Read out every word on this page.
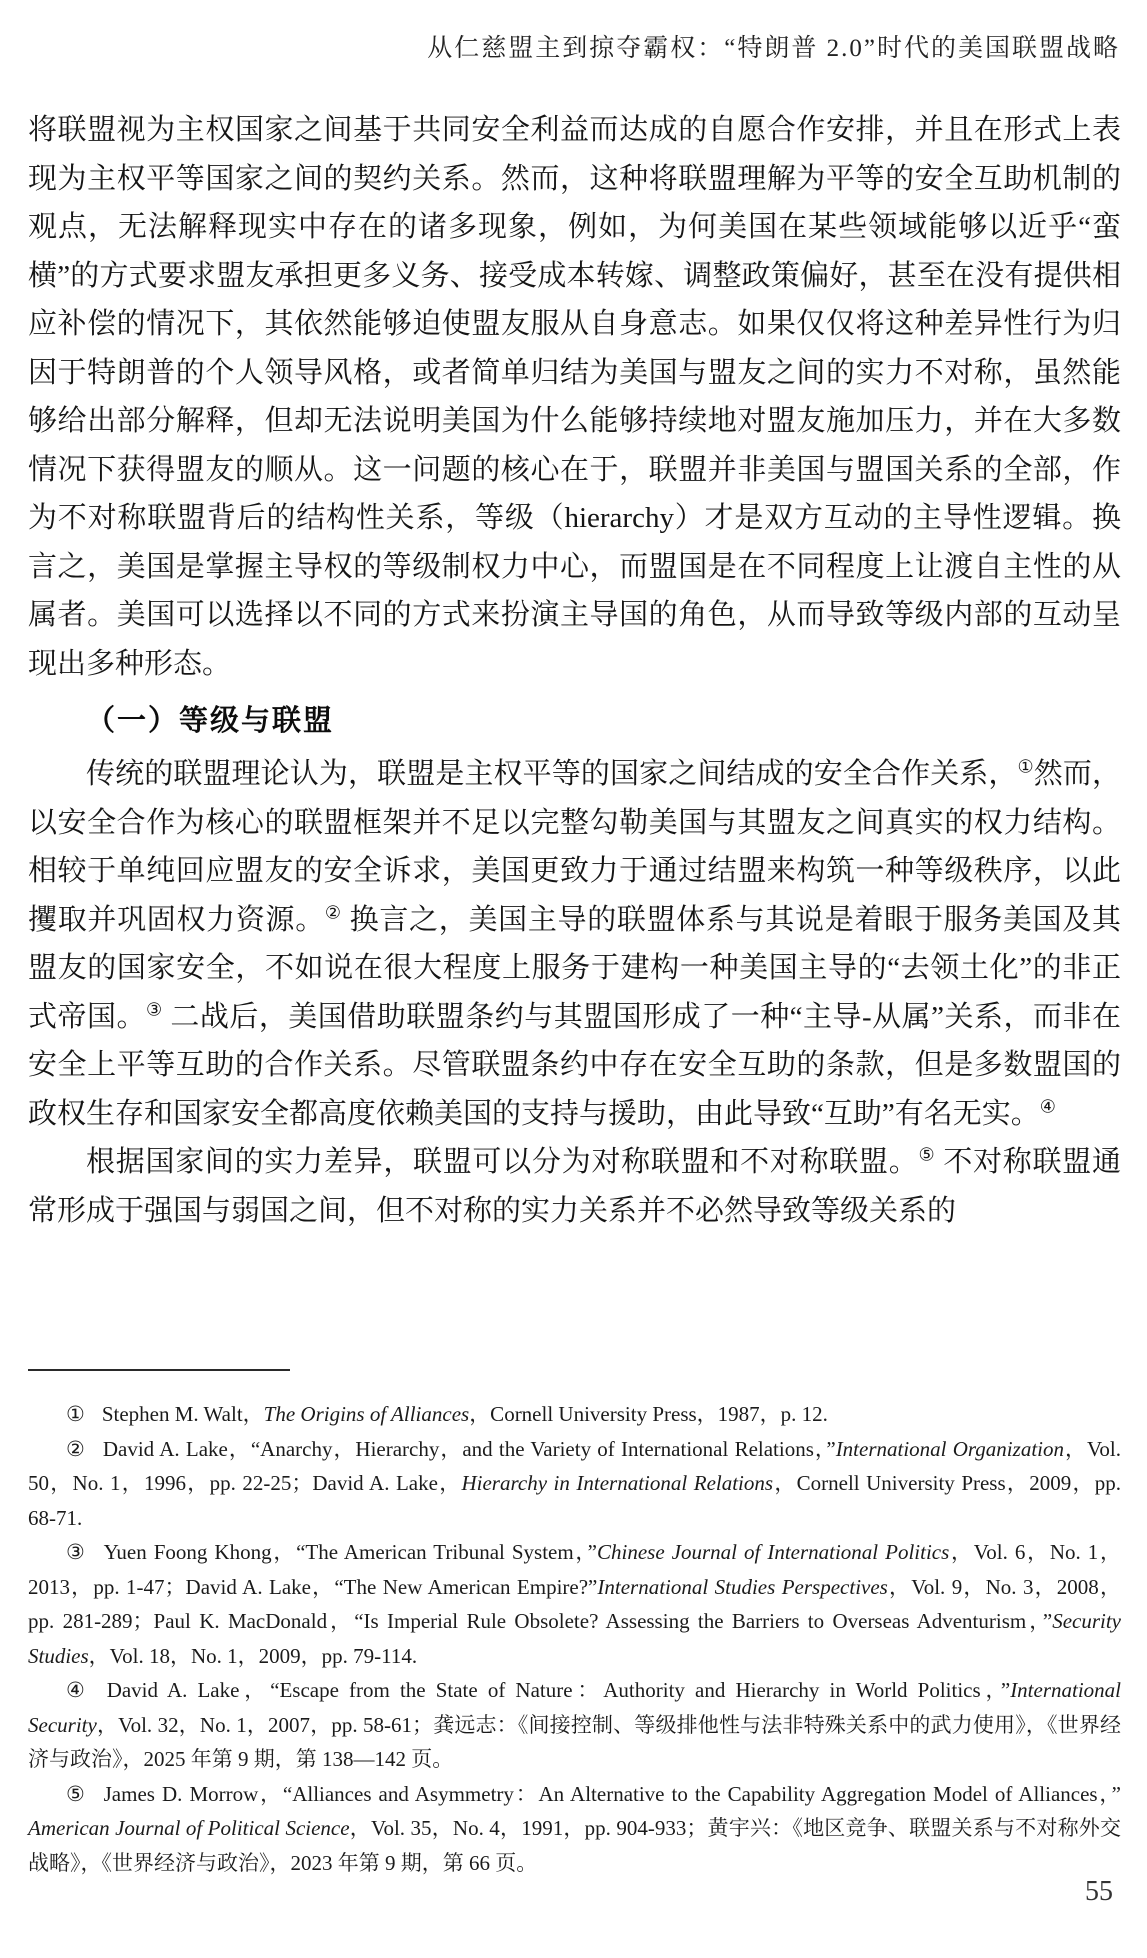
从仁慈盟主到掠夺霸权：“特朗普 2.0”时代的美国联盟战略

将联盟视为主权国家之间基于共同安全利益而达成的自愿合作安排，并且在形式上表现为主权平等国家之间的契约关系。然而，这种将联盟理解为平等的安全互助机制的观点，无法解释现实中存在的诸多现象，例如，为何美国在某些领域能够以近乎“蛮横”的方式要求盟友承担更多义务、接受成本转嫁、调整政策偏好，甚至在没有提供相应补偿的情况下，其依然能够迫使盟友服从自身意志。如果仅仅将这种差异性行为归因于特朗普的个人领导风格，或者简单归结为美国与盟友之间的实力不对称，虽然能够给出部分解释，但却无法说明美国为什么能够持续地对盟友施加压力，并在大多数情况下获得盟友的顺从。这一问题的核心在于，联盟并非美国与盟国关系的全部，作为不对称联盟背后的结构性关系，等级（hierarchy）才是双方互动的主导性逻辑。换言之，美国是掌握主导权的等级制权力中心，而盟国是在不同程度上让渡自主性的从属者。美国可以选择以不同的方式来扮演主导国的角色，从而导致等级内部的互动呈现出多种形态。

（一）等级与联盟

传统的联盟理论认为，联盟是主权平等的国家之间结成的安全合作关系，①然而，以安全合作为核心的联盟框架并不足以完整勾勒美国与其盟友之间真实的权力结构。相较于单纯回应盟友的安全诉求，美国更致力于通过结盟来构筑一种等级秩序，以此攫取并巩固权力资源。② 换言之，美国主导的联盟体系与其说是着眼于服务美国及其盟友的国家安全，不如说在很大程度上服务于建构一种美国主导的“去领土化”的非正式帝国。③ 二战后，美国借助联盟条约与其盟国形成了一种“主导-从属”关系，而非在安全上平等互助的合作关系。尽管联盟条约中存在安全互助的条款，但是多数盟国的政权生存和国家安全都高度依赖美国的支持与援助，由此导致“互助”有名无实。④

根据国家间的实力差异，联盟可以分为对称联盟和不对称联盟。⑤ 不对称联盟通常形成于强国与弱国之间，但不对称的实力关系并不必然导致等级关系的

① Stephen M. Walt，The Origins of Alliances，Cornell University Press，1987，p. 12.

② David A. Lake，“Anarchy，Hierarchy，and the Variety of International Relations，”International Organization，Vol. 50，No. 1，1996，pp. 22-25；David A. Lake，Hierarchy in International Relations，Cornell University Press，2009，pp. 68-71.

③ Yuen Foong Khong，“The American Tribunal System，”Chinese Journal of International Politics，Vol. 6，No. 1，2013，pp. 1-47；David A. Lake，“The New American Empire?”International Studies Perspectives，Vol. 9，No. 3，2008，pp. 281-289；Paul K. MacDonald，“Is Imperial Rule Obsolete? Assessing the Barriers to Overseas Adventurism，”Security Studies，Vol. 18，No. 1，2009，pp. 79-114.

④ David A. Lake，“Escape from the State of Nature：Authority and Hierarchy in World Politics，”International Security，Vol. 32，No. 1，2007，pp. 58-61；龚远志：《间接控制、等级排他性与法非特殊关系中的武力使用》，《世界经济与政治》，2025 年第 9 期，第 138—142 页。

⑤ James D. Morrow，“Alliances and Asymmetry：An Alternative to the Capability Aggregation Model of Alliances，”American Journal of Political Science，Vol. 35，No. 4，1991，pp. 904-933；黄宇兴：《地区竞争、联盟关系与不对称外交战略》，《世界经济与政治》，2023 年第 9 期，第 66 页。

55
